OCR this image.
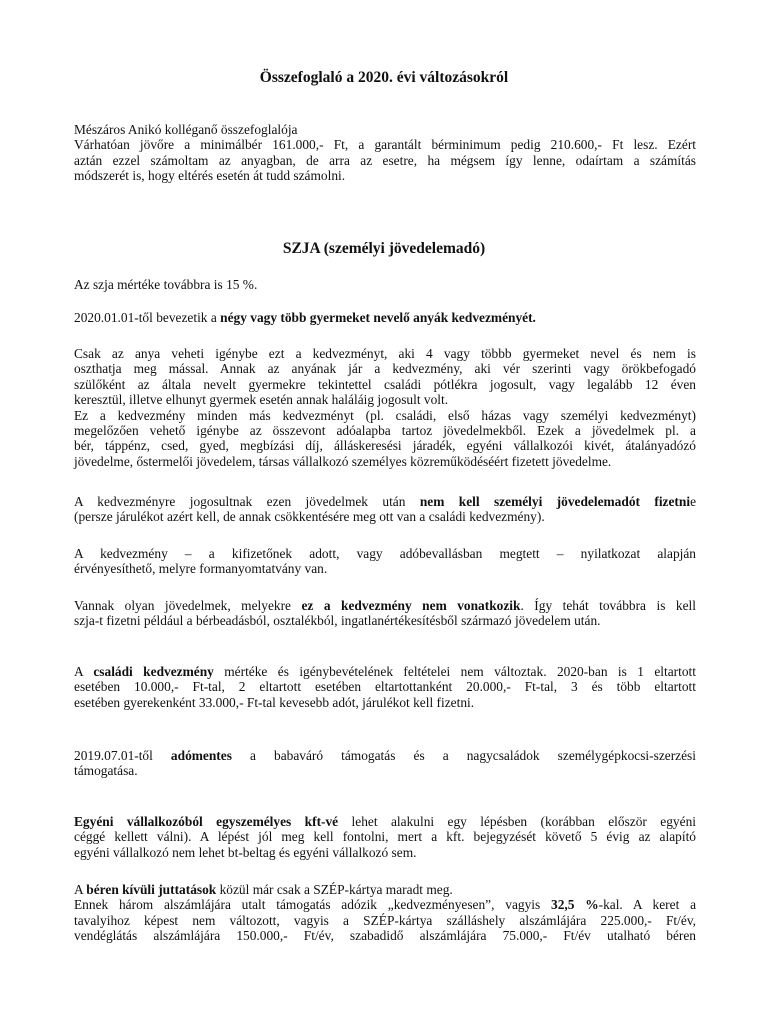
Összefoglaló a 2020. évi változásokról
Mészáros Anikó kolléganő összefoglalója
Várhatóan jövőre a minimálbér 161.000,- Ft, a garantált bérminimum pedig 210.600,- Ft lesz. Ezért
aztán ezzel számoltam az anyagban, de arra az esetre, ha mégsem így lenne, odaírtam a számítás
módszerét is, hogy eltérés esetén át tudd számolni.
SZJA (személyi jövedelemadó)
Az szja mértéke továbbra is 15 %.
2020.01.01-től bevezetik a négy vagy több gyermeket nevelő anyák kedvezményét.
Csak az anya veheti igénybe ezt a kedvezményt, aki 4 vagy többb gyermeket nevel és nem is
oszthatja meg mással. Annak az anyának jár a kedvezmény, aki vér szerinti vagy örökbefogadó
szülőként az általa nevelt gyermekre tekintettel családi pótlékra jogosult, vagy legalább 12 éven
keresztül, illetve elhunyt gyermek esetén annak haláláig jogosult volt.
Ez a kedvezmény minden más kedvezményt (pl. családi, első házas vagy személyi kedvezményt)
megelőzően vehető igénybe az összevont adóalapba tartoz jövedelmekből. Ezek a jövedelmek pl. a
bér, táppénz, csed, gyed, megbízási díj, álláskeresési járadék, egyéni vállalkozói kivét, átalányadózó
jövedelme, őstermelői jövedelem, társas vállalkozó személyes közreműködéséért fizetett jövedelme.
A kedvezményre jogosultnak ezen jövedelmek után nem kell személyi jövedelemadót fizetnie
(persze járulékot azért kell, de annak csökkentésére meg ott van a családi kedvezmény).
A kedvezmény – a kifizetőnek adott, vagy adóbevallásban megtett – nyilatkozat alapján
érvényesíthető, melyre formanyomtatvány van.
Vannak olyan jövedelmek, melyekre ez a kedvezmény nem vonatkozik. Így tehát továbbra is kell
szja-t fizetni például a bérbeadásból, osztalékból, ingatlanértékesítésből származó jövedelem után.
A családi kedvezmény mértéke és igénybevételének feltételei nem változtak. 2020-ban is 1 eltartott
esetében 10.000,- Ft-tal, 2 eltartott esetében eltartottanként 20.000,- Ft-tal, 3 és több eltartott
esetében gyerekenként 33.000,- Ft-tal kevesebb adót, járulékot kell fizetni.
2019.07.01-től adómentes a babaváró támogatás és a nagycsaládok személygépkocsi-szerzési
támogatása.
Egyéni vállalkozóból egyszemélyes kft-vé lehet alakulni egy lépésben (korábban először egyéni
céggé kellett válni). A lépést jól meg kell fontolni, mert a kft. bejegyzését követő 5 évig az alapító
egyéni vállalkozó nem lehet bt-beltag és egyéni vállalkozó sem.
A béren kívüli juttatások közül már csak a SZÉP-kártya maradt meg.
Ennek három alszámlájára utalt támogatás adózik „kedvezményesen”, vagyis 32,5 %-kal. A keret a
tavalyihoz képest nem változott, vagyis a SZÉP-kártya szálláshely alszámlájára 225.000,- Ft/év,
vendéglátás alszámlájára 150.000,- Ft/év, szabadidő alszámlájára 75.000,- Ft/év utalható béren
